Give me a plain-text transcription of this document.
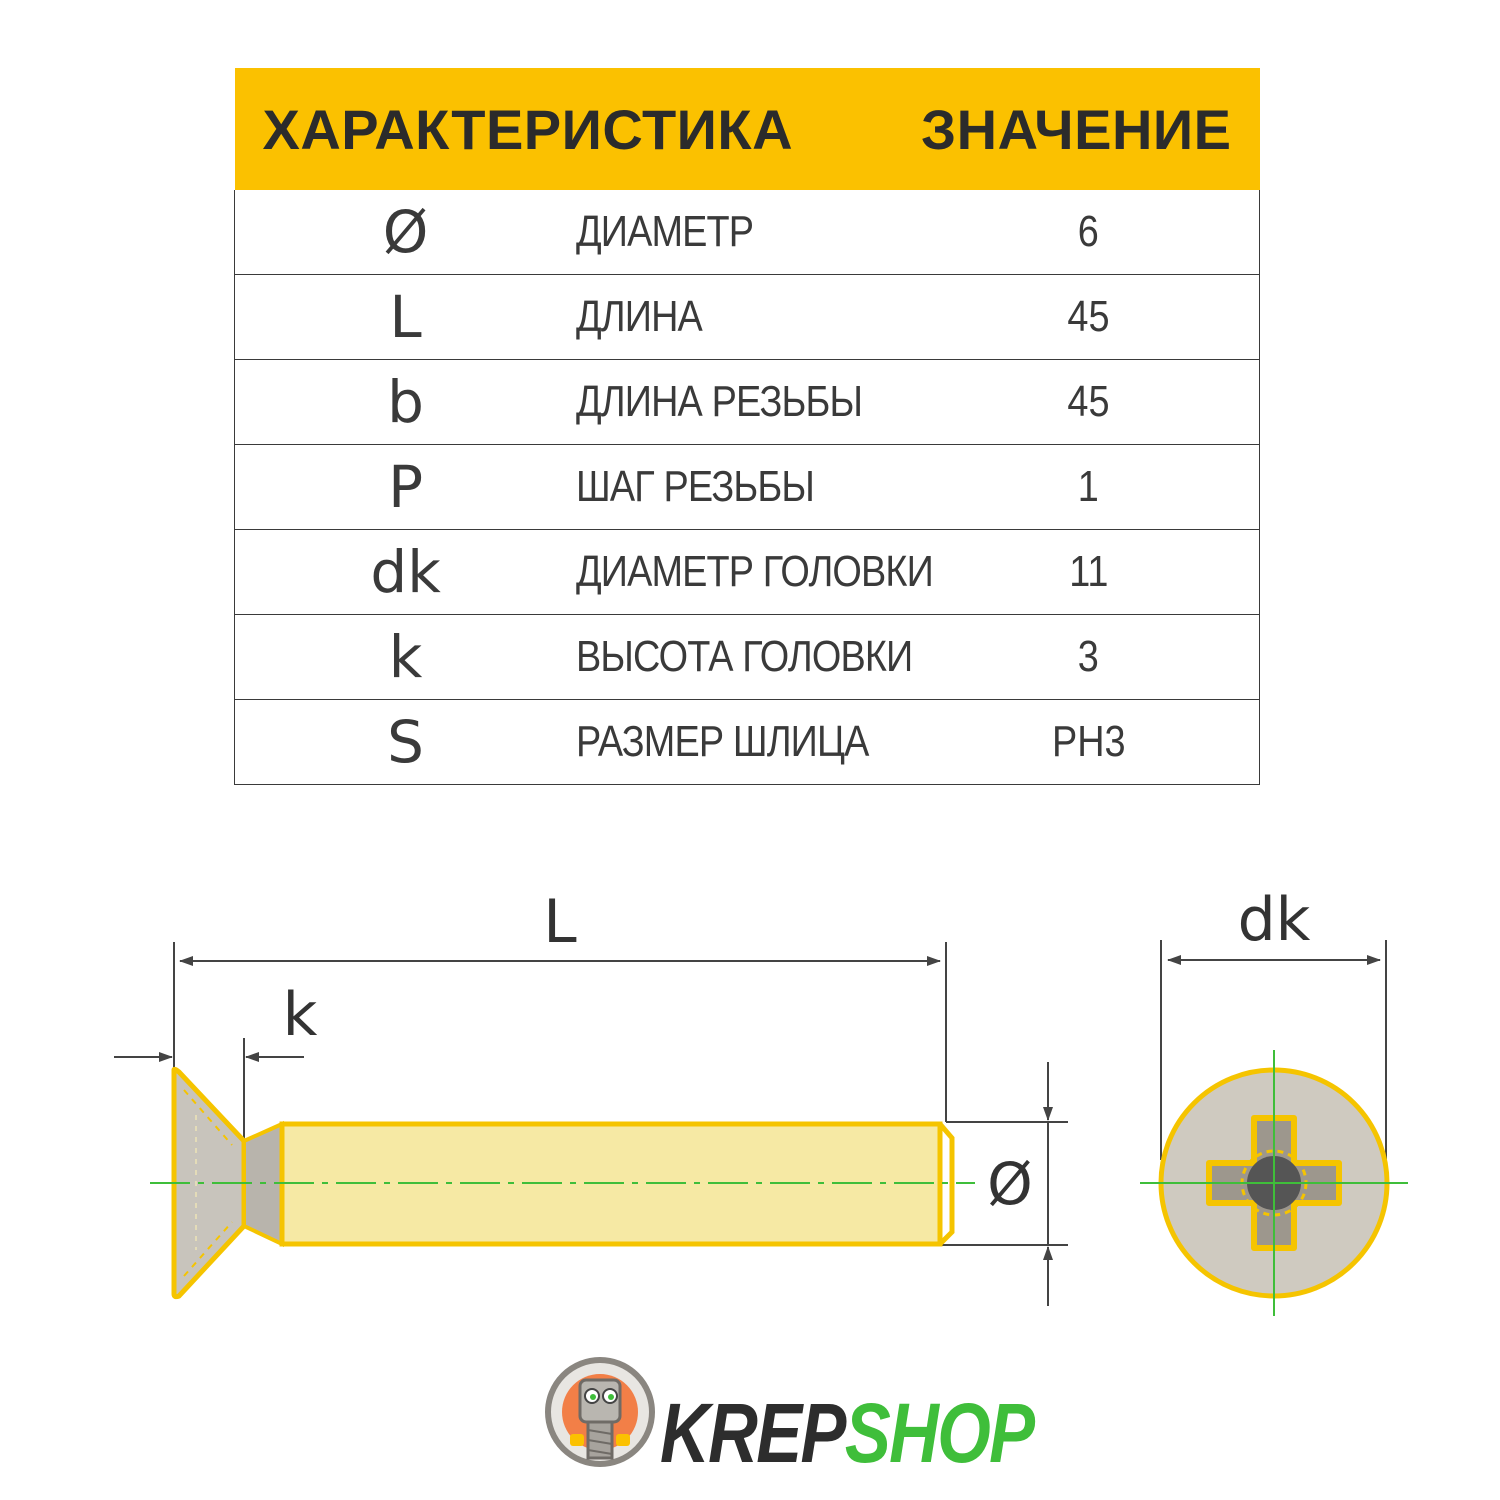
ХАРАКТЕРИСТИКА		ЗНАЧЕНИЕ
Ø	ДИАМЕТР	6
L	ДЛИНА	45
b	ДЛИНА РЕЗЬБЫ	45
P	ШАГ РЕЗЬБЫ	1
dk	ДИАМЕТР ГОЛОВКИ	11
k	ВЫСОТА ГОЛОВКИ	3
S	РАЗМЕР ШЛИЦА	PH3
L
k
Ø
dk
KREPSHOP
